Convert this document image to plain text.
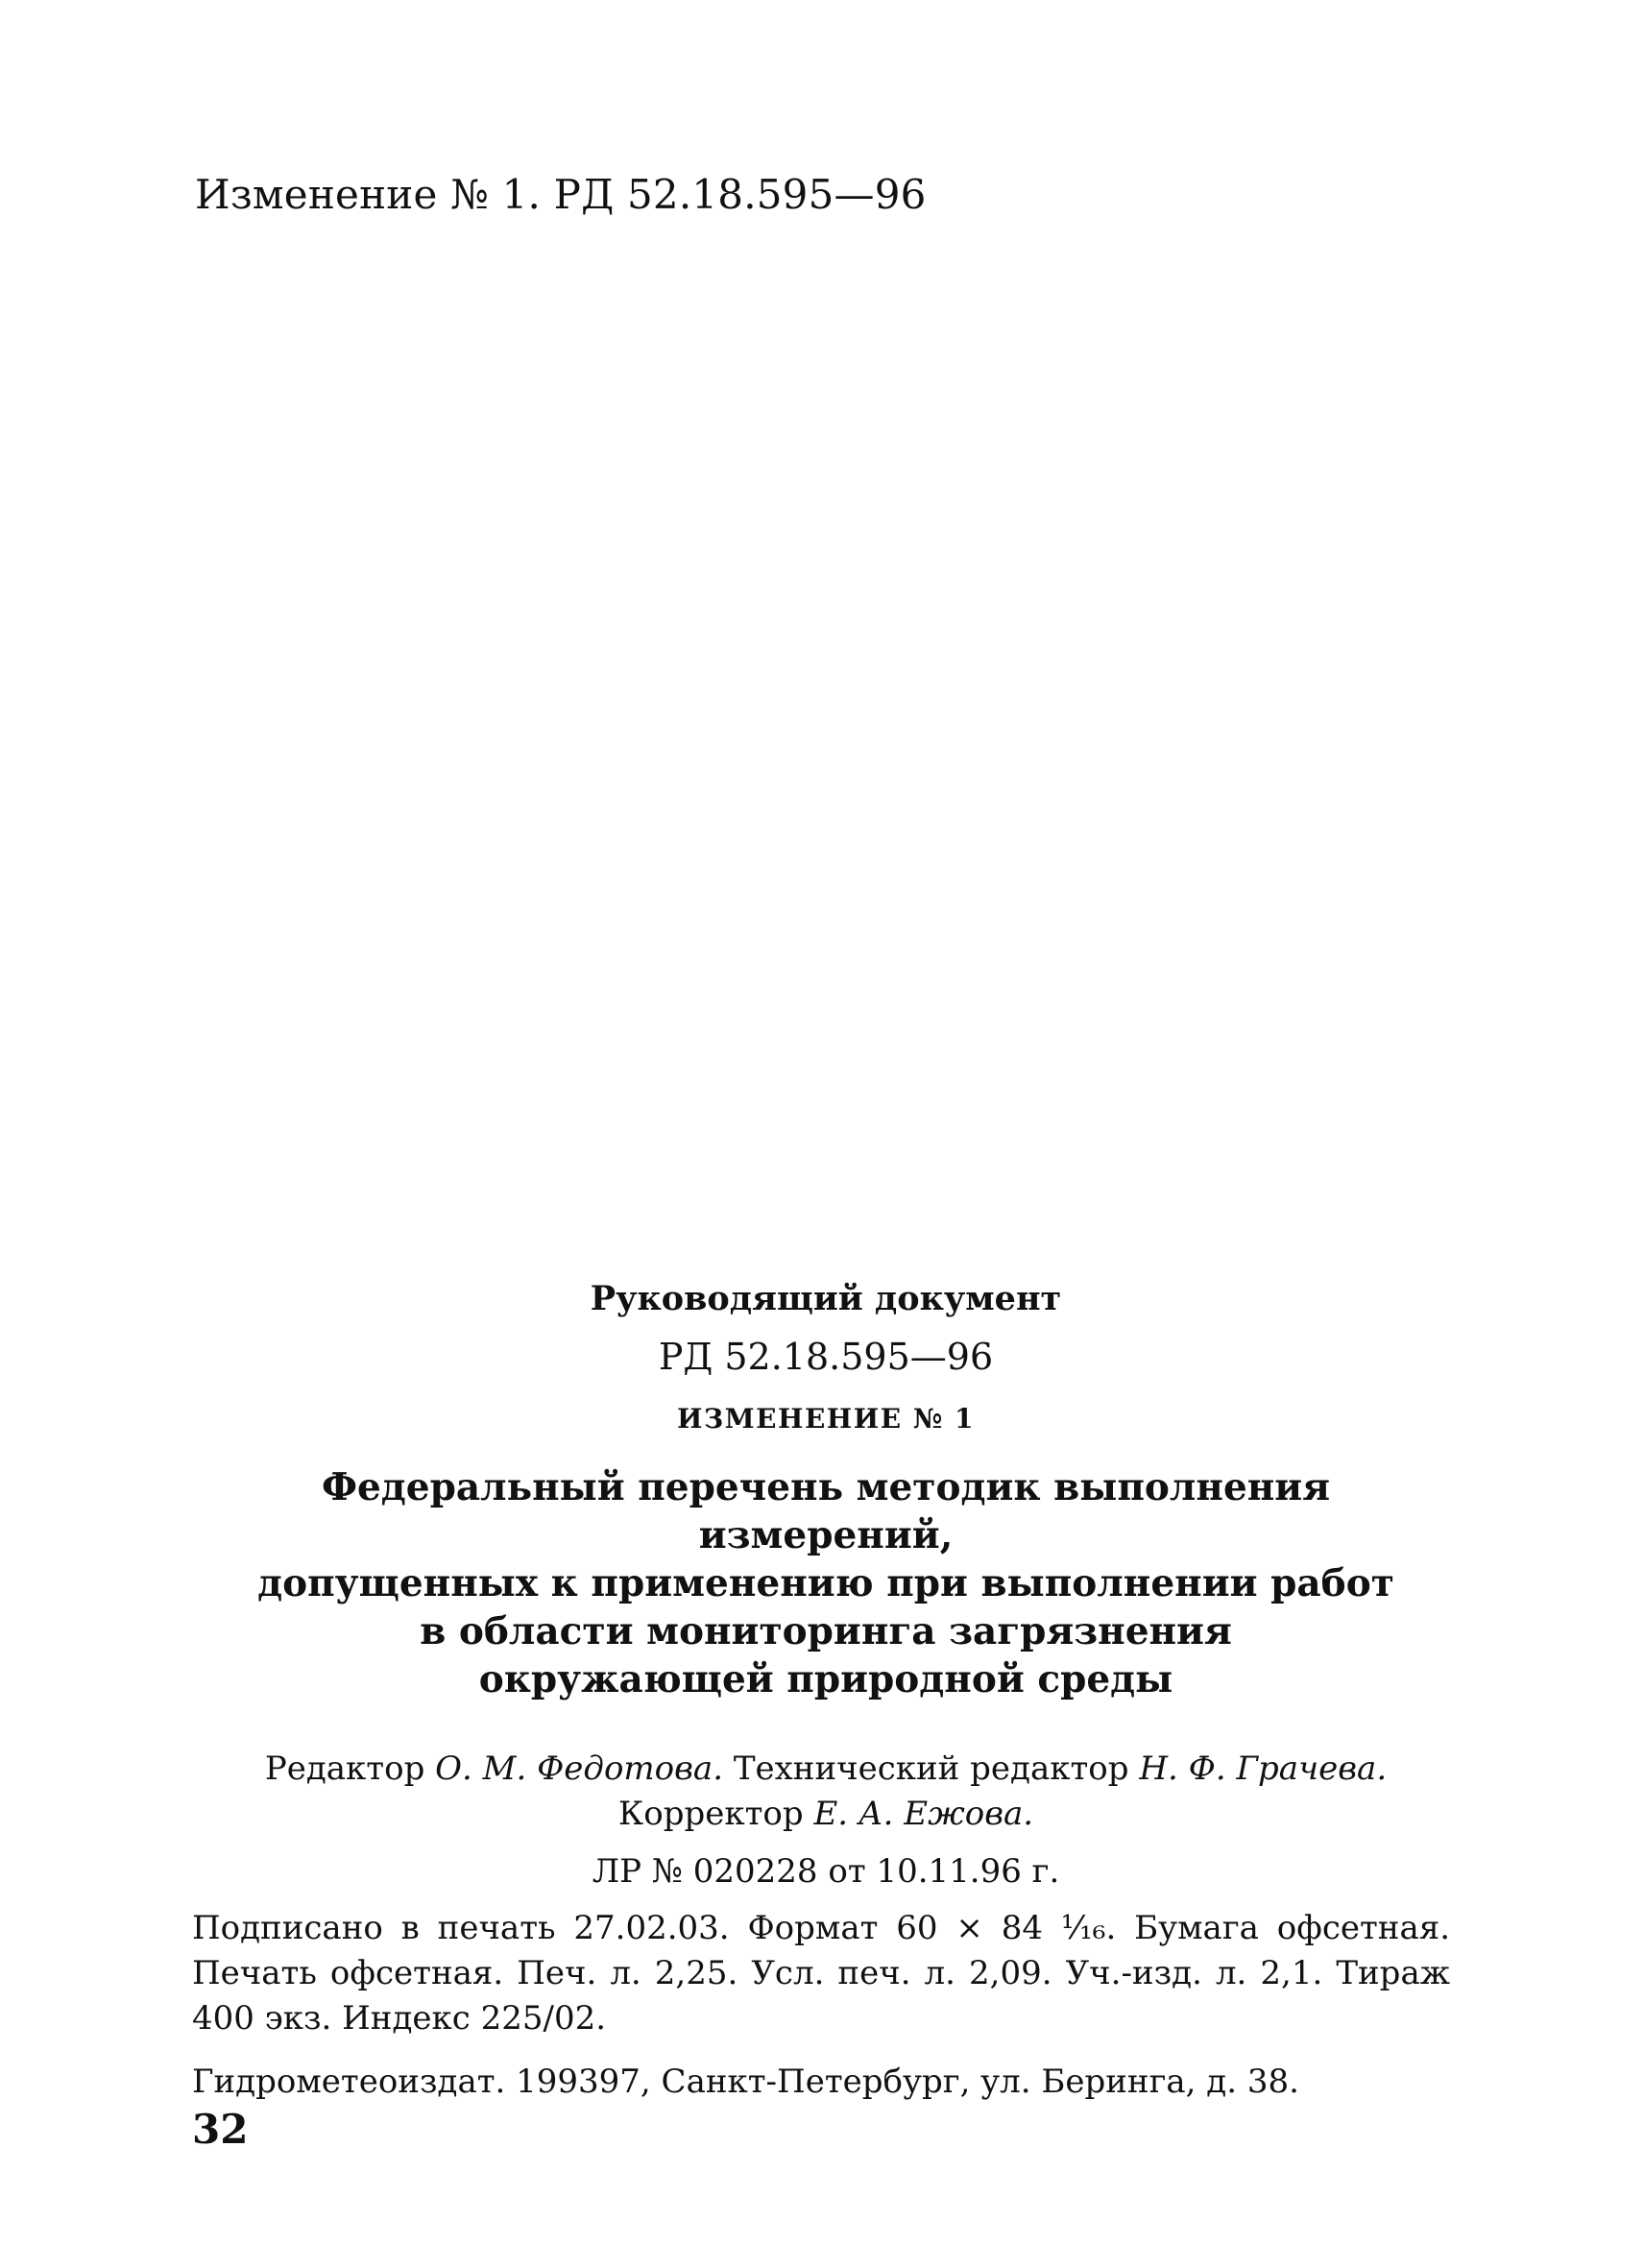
Изменение № 1. РД 52.18.595—96
Руководящий документ
РД 52.18.595—96
ИЗМЕНЕНИЕ № 1
Федеральный перечень методик выполнения измерений,
допущенных к применению при выполнении работ
в области мониторинга загрязнения
окружающей природной среды
Редактор О. М. Федотова. Технический редактор Н. Ф. Грачева.
Корректор Е. А. Ежова.
ЛР № 020228 от 10.11.96 г.
Подписано в печать 27.02.03. Формат 60 × 84 ¹⁄₁₆. Бумага офсетная. Печать офсетная. Печ. л. 2,25. Усл. печ. л. 2,09. Уч.-изд. л. 2,1. Тираж 400 экз. Индекс 225/02.
Гидрометеоиздат. 199397, Санкт-Петербург, ул. Беринга, д. 38.
32
